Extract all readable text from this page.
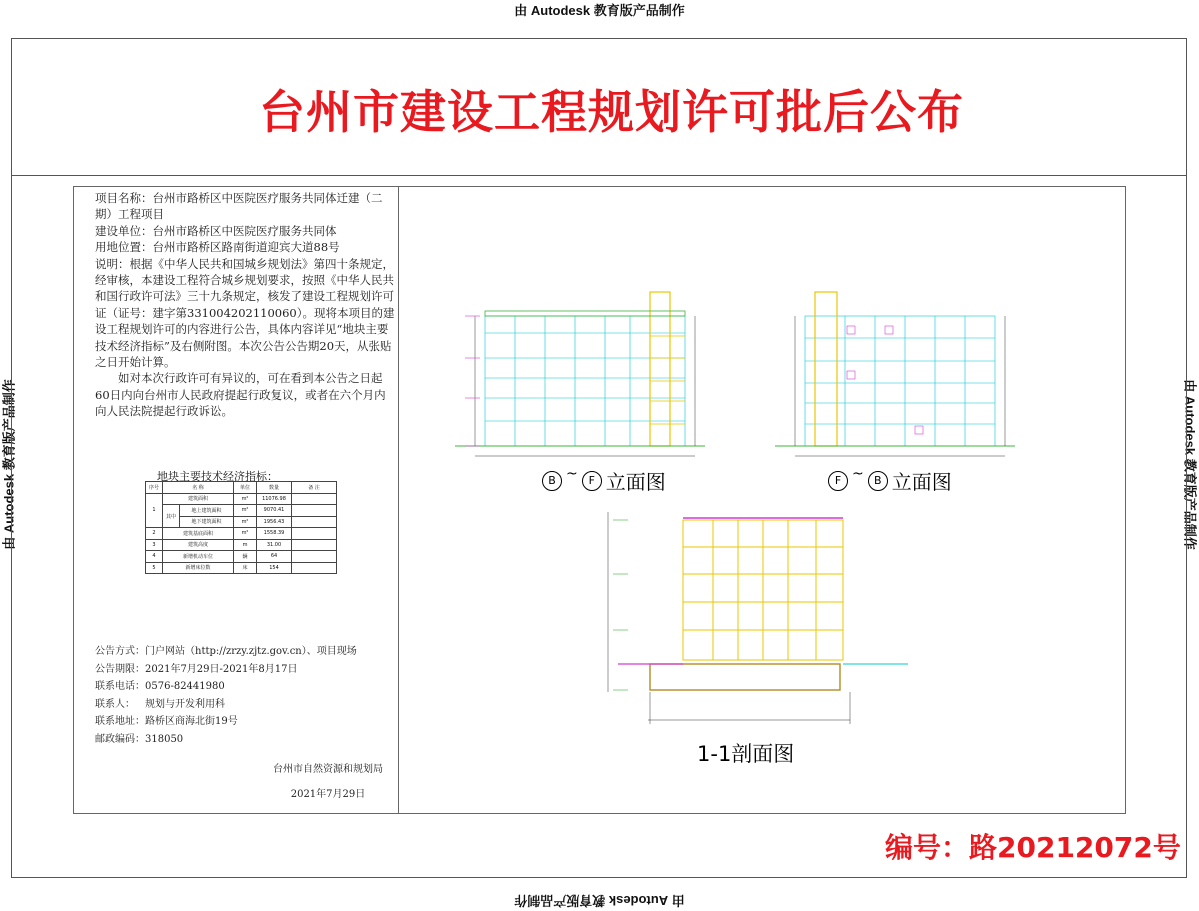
由 Autodesk 教育版产品制作
由 Autodesk 教育版产品制作
由 Autodesk 教育版产品制作	由 Autodesk 教育版产品制作
台州市建设工程规划许可批后公布

项目名称：台州市路桥区中医院医疗服务共同体迁建（二期）工程项目

建设单位：台州市路桥区中医院医疗服务共同体

用地位置：台州市路桥区路南街道迎宾大道88号

说明：根据《中华人民共和国城乡规划法》第四十条规定，经审核，本建设工程符合城乡规划要求，按照《中华人民共和国行政许可法》三十九条规定，核发了建设工程规划许可证（证号：建字第331004202110060）。现将本项目的建设工程规划许可的内容进行公告，具体内容详见“地块主要技术经济指标”及右侧附图。本次公告公告期20天，从张贴之日开始计算。

如对本次行政许可有异议的，可在看到本公告之日起60日内向台州市人民政府提起行政复议，或者在六个月内向人民法院提起行政诉讼。

地块主要技术经济指标：
序号	名 称		单位	数量	备 注
1	建筑面积		m²	11076.98	
	其中	地上建筑面积	m²	9070.41	
		地下建筑面积	m²	1956.43	
2	建筑基底面积		m²	1558.39	
3	建筑高度		m	31.00	
4	新增机动车位		辆	64	
5	新增床位数		床	154	
公告方式： 门户网站（http://zrzy.zjtz.gov.cn）、项目现场
公告期限： 2021年7月29日-2021年8月17日
联系电话： 0576-82441980
联系人：	规划与开发利用科
联系地址： 路桥区商海北街19号
邮政编码： 318050
台州市自然资源和规划局
2021年7月29日
B ~ F 立面图	F ~ B 立面图
1-1剖面图
编号：路20212072号
